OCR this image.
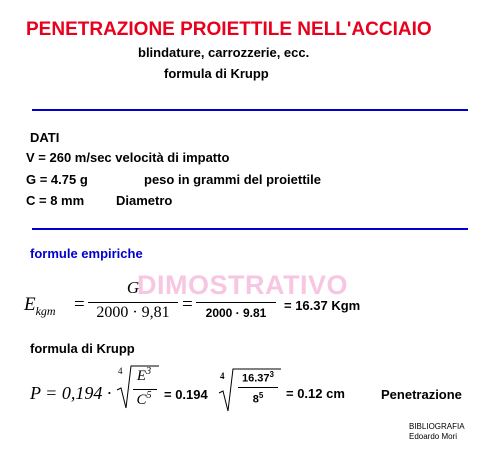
PENETRAZIONE PROIETTILE NELL'ACCIAIO
blindature, carrozzerie, ecc.
formula di Krupp
DATI
V = 260 m/sec velocità di impatto
G = 4.75 g	peso in grammi del proiettile
C = 8 mm Diametro
formule empiriche
DIMOSTRATIVO
$E_{kgm}$ =
G
2000 · 9,81 =	2000 · 9.81	= 16.37 Kgm
formula di Krupp
P = 0,194 ·
4 $E^3$
$C^5 = 0.194$
4	16.37$^3$
$8^5$	= 0.12 cm	Penetrazione
BIBLIOGRAFIA
Edoardo Mori
